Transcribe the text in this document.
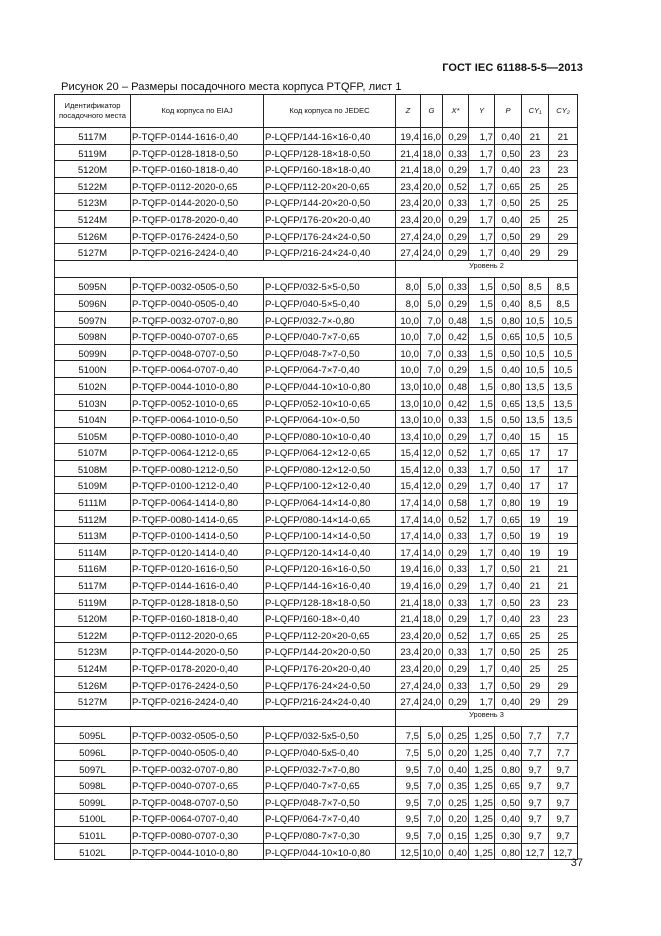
ГОСТ IEC 61188-5-5—2013
Рисунок 20 – Размеры посадочного места корпуса PTQFP, лист 1
Идентификатор посадочного места	Код корпуса по EIAJ	Код корпуса по JEDEC	Z	G	X*	Y	P	CY₁	CY₂
5117M	P-TQFP-0144-1616-0,40	P-LQFP/144-16×16-0,40	19,4	16,0	0,29	1,7	0,40	21	21
5119M	P-TQFP-0128-1818-0,50	P-LQFP/128-18×18-0,50	21,4	18,0	0,33	1,7	0,50	23	23
5120M	P-TQFP-0160-1818-0,40	P-LQFP/160-18×18-0,40	21,4	18,0	0,29	1,7	0,40	23	23
5122M	P-TQFP-0112-2020-0,65	P-LQFP/112-20×20-0,65	23,4	20,0	0,52	1,7	0,65	25	25
5123M	P-TQFP-0144-2020-0,50	P-LQFP/144-20×20-0,50	23,4	20,0	0,33	1,7	0,50	25	25
5124M	P-TQFP-0178-2020-0,40	P-LQFP/176-20×20-0,40	23,4	20,0	0,29	1,7	0,40	25	25
5126M	P-TQFP-0176-2424-0,50	P-LQFP/176-24×24-0,50	27,4	24,0	0,29	1,7	0,50	29	29
5127M	P-TQFP-0216-2424-0,40	P-LQFP/216-24×24-0,40	27,4	24,0	0,29	1,7	0,40	29	29
			Уровень 2						
5095N	P-TQFP-0032-0505-0,50	P-LQFP/032-5×5-0,50	8,0	5,0	0,33	1,5	0,50	8,5	8,5
5096N	P-TQFP-0040-0505-0,40	P-LQFP/040-5×5-0,40	8,0	5,0	0,29	1,5	0,40	8,5	8,5
5097N	P-TQFP-0032-0707-0,80	P-LQFP/032-7×-0,80	10,0	7,0	0,48	1,5	0,80	10,5	10,5
5098N	P-TQFP-0040-0707-0,65	P-LQFP/040-7×7-0,65	10,0	7,0	0,42	1,5	0,65	10,5	10,5
5099N	P-TQFP-0048-0707-0,50	P-LQFP/048-7×7-0,50	10,0	7,0	0,33	1,5	0,50	10,5	10,5
5100N	P-TQFP-0064-0707-0,40	P-LQFP/064-7×7-0,40	10,0	7,0	0,29	1,5	0,40	10,5	10,5
5102N	P-TQFP-0044-1010-0,80	P-LQFP/044-10×10-0,80	13,0	10,0	0,48	1,5	0,80	13,5	13,5
5103N	P-TQFP-0052-1010-0,65	P-LQFP/052-10×10-0,65	13,0	10,0	0,42	1,5	0,65	13,5	13,5
5104N	P-TQFP-0064-1010-0,50	P-LQFP/064-10×-0,50	13,0	10,0	0,33	1,5	0,50	13,5	13,5
5105M	P-TQFP-0080-1010-0,40	P-LQFP/080-10×10-0,40	13,4	10,0	0,29	1,7	0,40	15	15
5107M	P-TQFP-0064-1212-0,65	P-LQFP/064-12×12-0,65	15,4	12,0	0,52	1,7	0,65	17	17
5108M	P-TQFP-0080-1212-0,50	P-LQFP/080-12×12-0,50	15,4	12,0	0,33	1,7	0,50	17	17
5109M	P-TQFP-0100-1212-0,40	P-LQFP/100-12×12-0,40	15,4	12,0	0,29	1,7	0,40	17	17
5111M	P-TQFP-0064-1414-0,80	P-LQFP/064-14×14-0,80	17,4	14,0	0,58	1,7	0,80	19	19
5112M	P-TQFP-0080-1414-0,65	P-LQFP/080-14×14-0,65	17,4	14,0	0,52	1,7	0,65	19	19
5113M	P-TQFP-0100-1414-0,50	P-LQFP/100-14×14-0,50	17,4	14,0	0,33	1,7	0,50	19	19
5114M	P-TQFP-0120-1414-0,40	P-LQFP/120-14×14-0,40	17,4	14,0	0,29	1,7	0,40	19	19
5116M	P-TQFP-0120-1616-0,50	P-LQFP/120-16×16-0,50	19,4	16,0	0,33	1,7	0,50	21	21
5117M	P-TQFP-0144-1616-0,40	P-LQFP/144-16×16-0,40	19,4	16,0	0,29	1,7	0,40	21	21
5119M	P-TQFP-0128-1818-0,50	P-LQFP/128-18×18-0,50	21,4	18,0	0,33	1,7	0,50	23	23
5120M	P-TQFP-0160-1818-0,40	P-LQFP/160-18×-0,40	21,4	18,0	0,29	1,7	0,40	23	23
5122M	P-TQFP-0112-2020-0,65	P-LQFP/112-20×20-0,65	23,4	20,0	0,52	1,7	0,65	25	25
5123M	P-TQFP-0144-2020-0,50	P-LQFP/144-20×20-0,50	23,4	20,0	0,33	1,7	0,50	25	25
5124M	P-TQFP-0178-2020-0,40	P-LQFP/176-20×20-0,40	23,4	20,0	0,29	1,7	0,40	25	25
5126M	P-TQFP-0176-2424-0,50	P-LQFP/176-24×24-0,50	27,4	24,0	0,33	1,7	0,50	29	29
5127M	P-TQFP-0216-2424-0,40	P-LQFP/216-24×24-0,40	27,4	24,0	0,29	1,7	0,40	29	29
			Уровень 3						
5095L	P-TQFP-0032-0505-0,50	P-LQFP/032-5x5-0,50	7,5	5,0	0,25	1,25	0,50	7,7	7,7
5096L	P-TQFP-0040-0505-0,40	P-LQFP/040-5x5-0,40	7,5	5,0	0,20	1,25	0,40	7,7	7,7
5097L	P-TQFP-0032-0707-0,80	P-LQFP/032-7×7-0,80	9,5	7,0	0,40	1,25	0,80	9,7	9,7
5098L	P-TQFP-0040-0707-0,65	P-LQFP/040-7×7-0,65	9,5	7,0	0,35	1,25	0,65	9,7	9,7
5099L	P-TQFP-0048-0707-0,50	P-LQFP/048-7×7-0,50	9,5	7,0	0,25	1,25	0,50	9,7	9,7
5100L	P-TQFP-0064-0707-0,40	P-LQFP/064-7×7-0,40	9,5	7,0	0,20	1,25	0,40	9,7	9,7
5101L	P-TQFP-0080-0707-0,30	P-LQFP/080-7×7-0,30	9,5	7,0	0,15	1,25	0,30	9,7	9,7
5102L	P-TQFP-0044-1010-0,80	P-LQFP/044-10×10-0,80	12,5	10,0	0,40	1,25	0,80	12,7	12,7
37
